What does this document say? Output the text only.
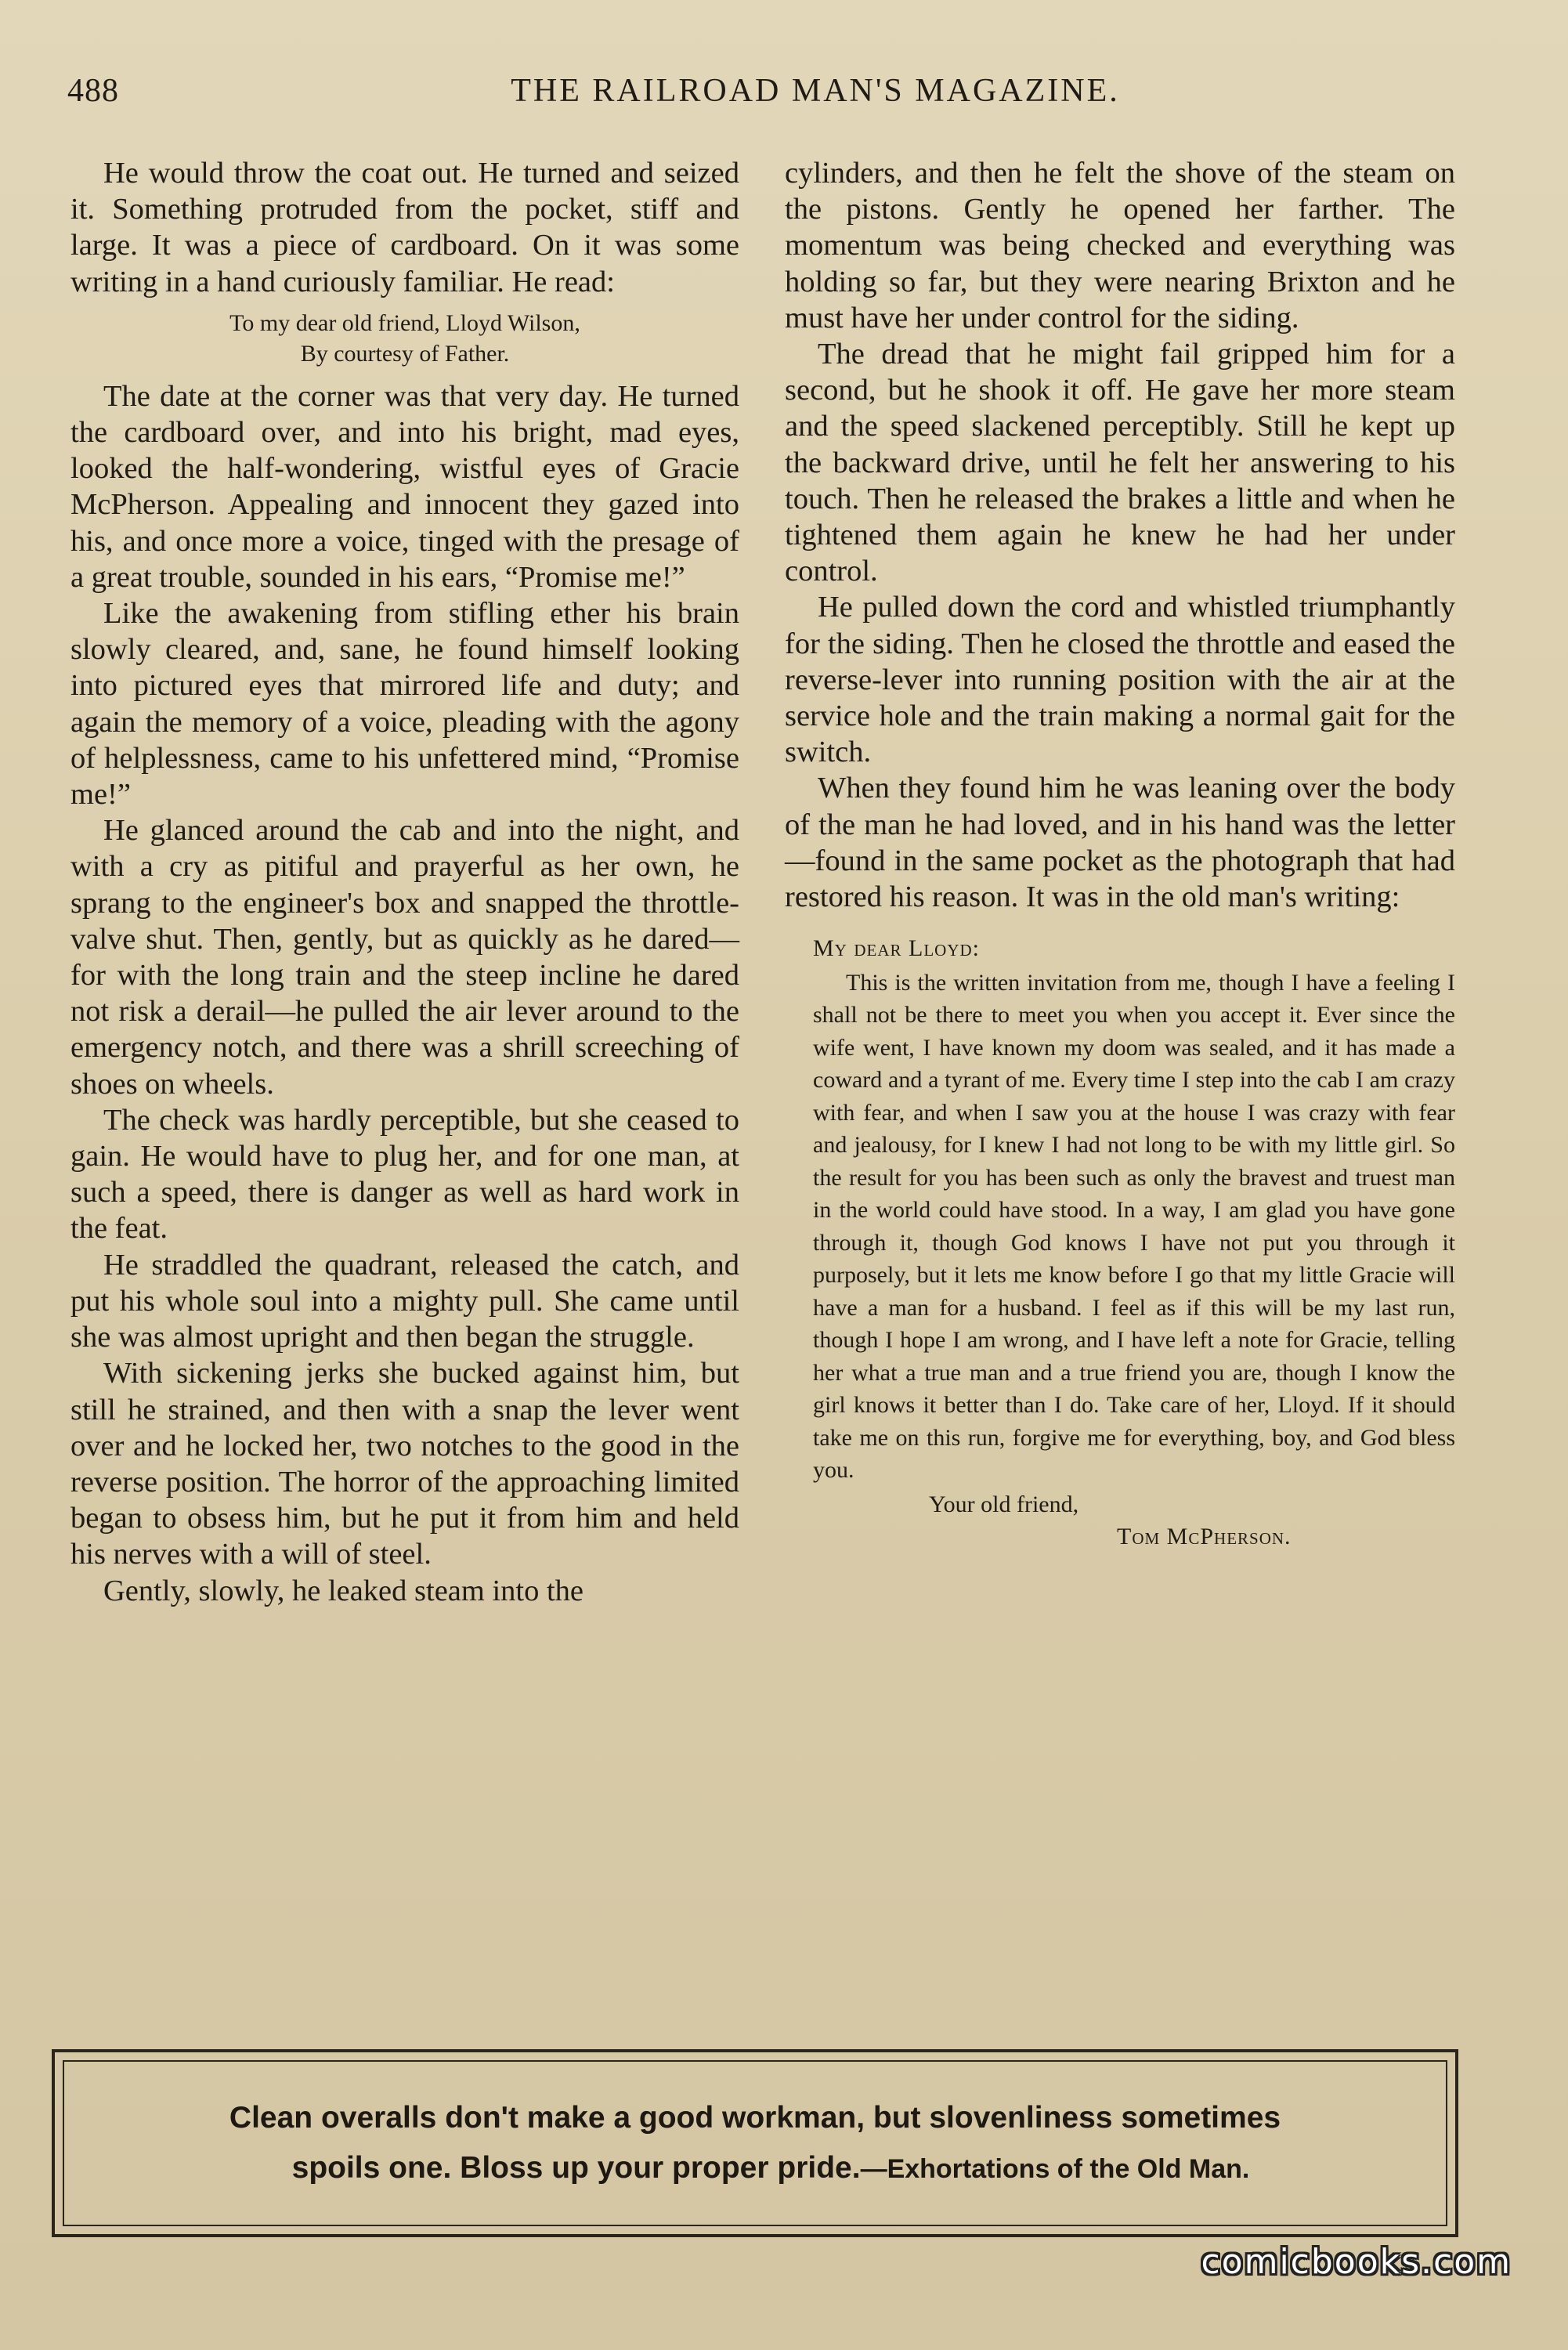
488	THE RAILROAD MAN'S MAGAZINE.

He would throw the coat out. He turned and seized it. Something protruded from the pocket, stiff and large. It was a piece of cardboard. On it was some writing in a hand curiously familiar. He read:

To my dear old friend, Lloyd Wilson,
By courtesy of Father.

The date at the corner was that very day. He turned the cardboard over, and into his bright, mad eyes, looked the half-wondering, wistful eyes of Gracie McPherson. Appealing and innocent they gazed into his, and once more a voice, tinged with the presage of a great trouble, sounded in his ears, “Promise me!”

Like the awakening from stifling ether his brain slowly cleared, and, sane, he found himself looking into pictured eyes that mirrored life and duty; and again the memory of a voice, pleading with the agony of helplessness, came to his unfettered mind, “Promise me!”

He glanced around the cab and into the night, and with a cry as pitiful and prayerful as her own, he sprang to the engineer's box and snapped the throttle-valve shut. Then, gently, but as quickly as he dared—for with the long train and the steep incline he dared not risk a derail—he pulled the air lever around to the emergency notch, and there was a shrill screeching of shoes on wheels.

The check was hardly perceptible, but she ceased to gain. He would have to plug her, and for one man, at such a speed, there is danger as well as hard work in the feat.

He straddled the quadrant, released the catch, and put his whole soul into a mighty pull. She came until she was almost upright and then began the struggle.

With sickening jerks she bucked against him, but still he strained, and then with a snap the lever went over and he locked her, two notches to the good in the reverse position. The horror of the approaching limited began to obsess him, but he put it from him and held his nerves with a will of steel.

Gently, slowly, he leaked steam into the

cylinders, and then he felt the shove of the steam on the pistons. Gently he opened her farther. The momentum was being checked and everything was holding so far, but they were nearing Brixton and he must have her under control for the siding.

The dread that he might fail gripped him for a second, but he shook it off. He gave her more steam and the speed slackened perceptibly. Still he kept up the backward drive, until he felt her answering to his touch. Then he released the brakes a little and when he tightened them again he knew he had her under control.

He pulled down the cord and whistled triumphantly for the siding. Then he closed the throttle and eased the reverse-lever into running position with the air at the service hole and the train making a normal gait for the switch.

When they found him he was leaning over the body of the man he had loved, and in his hand was the letter—found in the same pocket as the photograph that had restored his reason. It was in the old man's writing:

My dear Lloyd:
This is the written invitation from me, though I have a feeling I shall not be there to meet you when you accept it. Ever since the wife went, I have known my doom was sealed, and it has made a coward and a tyrant of me. Every time I step into the cab I am crazy with fear, and when I saw you at the house I was crazy with fear and jealousy, for I knew I had not long to be with my little girl. So the result for you has been such as only the bravest and truest man in the world could have stood. In a way, I am glad you have gone through it, though God knows I have not put you through it purposely, but it lets me know before I go that my little Gracie will have a man for a husband. I feel as if this will be my last run, though I hope I am wrong, and I have left a note for Gracie, telling her what a true man and a true friend you are, though I know the girl knows it better than I do. Take care of her, Lloyd. If it should take me on this run, forgive me for everything, boy, and God bless you.
Your old friend,
Tom McPherson.
Clean overalls don't make a good workman, but slovenliness sometimes
spoils one. Bloss up your proper pride.—Exhortations of the Old Man.
comicbooks.com
